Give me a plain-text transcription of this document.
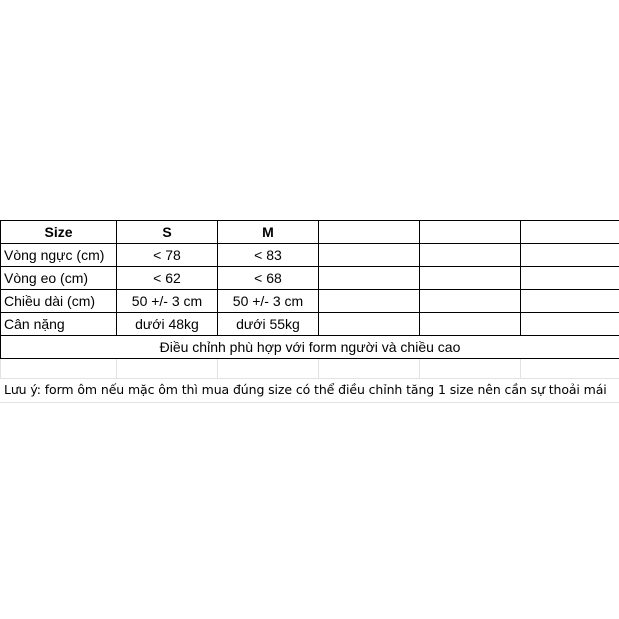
Size	S	M			
Vòng ngực (cm)	< 78	< 83			
Vòng eo (cm)	< 62	< 68			
Chiều dài (cm)	50 +/- 3 cm	50 +/- 3 cm			
Cân nặng	dưới 48kg	dưới 55kg			
Điều chỉnh phù hợp với form người và chiều cao					

Lưu ý: form ôm nếu mặc ôm thì mua đúng size có thể điều chỉnh tăng 1 size nên cần sự thoải mái
